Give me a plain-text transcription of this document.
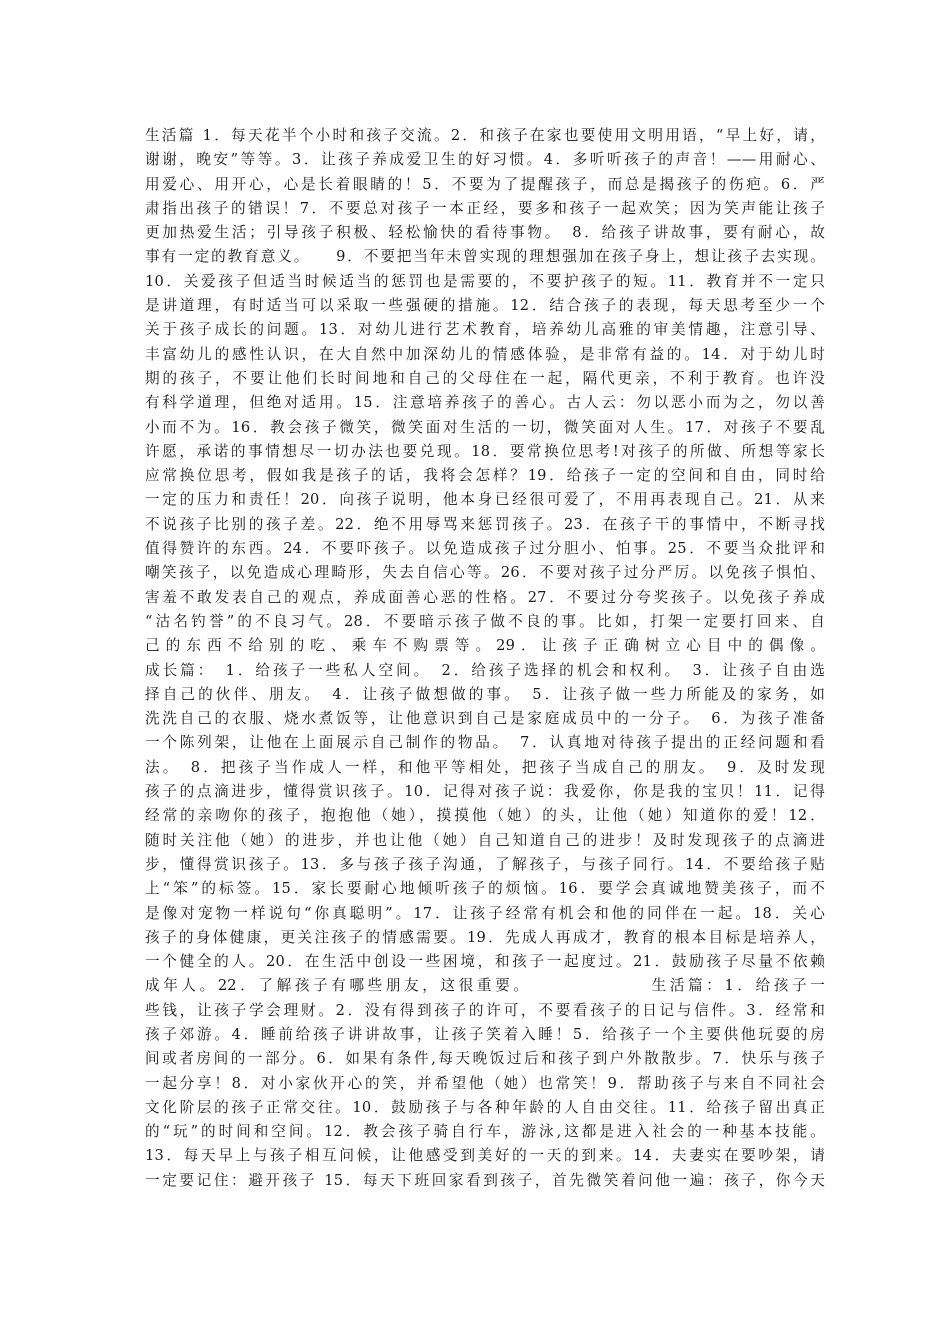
生活篇 1．每天花半个小时和孩子交流。2．和孩子在家也要使用文明用语，“早上好，请，
谢谢，晚安”等等。3．让孩子养成爱卫生的好习惯。4．多听听孩子的声音！——用耐心、
用爱心、用开心，心是长着眼睛的！5．不要为了提醒孩子，而总是揭孩子的伤疤。6．严
肃指出孩子的错误！7．不要总对孩子一本正经，要多和孩子一起欢笑；因为笑声能让孩子
更加热爱生活；引导孩子积极、轻松愉快的看待事物。　8．给孩子讲故事，要有耐心，故
事有一定的教育意义。　　9．不要把当年未曾实现的理想强加在孩子身上，想让孩子去实现。
10．关爱孩子但适当时候适当的惩罚也是需要的，不要护孩子的短。11．教育并不一定只
是讲道理，有时适当可以采取一些强硬的措施。12．结合孩子的表现，每天思考至少一个
关于孩子成长的问题。13．对幼儿进行艺术教育，培养幼儿高雅的审美情趣，注意引导、
丰富幼儿的感性认识，在大自然中加深幼儿的情感体验，是非常有益的。14．对于幼儿时
期的孩子，不要让他们长时间地和自己的父母住在一起，隔代更亲，不利于教育。也许没
有科学道理，但绝对适用。15．注意培养孩子的善心。古人云：勿以恶小而为之，勿以善
小而不为。16．教会孩子微笑，微笑面对生活的一切，微笑面对人生。17．对孩子不要乱
许愿，承诺的事情想尽一切办法也要兑现。18．要常换位思考!对孩子的所做、所想等家长
应常换位思考，假如我是孩子的话，我将会怎样？19．给孩子一定的空间和自由，同时给
一定的压力和责任！20．向孩子说明，他本身已经很可爱了，不用再表现自己。21．从来
不说孩子比别的孩子差。22．绝不用辱骂来惩罚孩子。23．在孩子干的事情中，不断寻找
值得赞许的东西。24．不要吓孩子。以免造成孩子过分胆小、怕事。25．不要当众批评和
嘲笑孩子，以免造成心理畸形，失去自信心等。26．不要对孩子过分严厉。以免孩子惧怕、
害羞不敢发表自己的观点，养成面善心恶的性格。27．不要过分夸奖孩子。以免孩子养成
“沽名钓誉”的不良习气。28．不要暗示孩子做不良的事。比如，打架一定要打回来、自
己的东西不给别的吃、乘车不购票等。29．让孩子正确树立心目中的偶像。
成长篇：　1．给孩子一些私人空间。　2．给孩子选择的机会和权利。　3．让孩子自由选
择自己的伙伴、朋友。　4．让孩子做想做的事。　5．让孩子做一些力所能及的家务，如
洗洗自己的衣服、烧水煮饭等，让他意识到自己是家庭成员中的一分子。　6．为孩子准备
一个陈列架，让他在上面展示自己制作的物品。　7．认真地对待孩子提出的正经问题和看
法。　8．把孩子当作成人一样，和他平等相处，把孩子当成自己的朋友。　9．及时发现
孩子的点滴进步，懂得赏识孩子。10．记得对孩子说：我爱你，你是我的宝贝！11．记得
经常的亲吻你的孩子，抱抱他（她），摸摸他（她）的头，让他（她）知道你的爱！12．
随时关注他（她）的进步，并也让他（她）自己知道自己的进步！及时发现孩子的点滴进
步，懂得赏识孩子。13．多与孩子孩子沟通，了解孩子，与孩子同行。14．不要给孩子贴
上“笨”的标签。15．家长要耐心地倾听孩子的烦恼。16．要学会真诚地赞美孩子，而不
是像对宠物一样说句“你真聪明”。17．让孩子经常有机会和他的同伴在一起。18．关心
孩子的身体健康，更关注孩子的情感需要。19．先成人再成才，教育的根本目标是培养人，
一个健全的人。20．在生活中创设一些困境，和孩子一起度过。21．鼓励孩子尽量不依赖
成年人。22．了解孩子有哪些朋友，这很重要。　　　　　　　生活篇：1．给孩子一
些钱，让孩子学会理财。2．没有得到孩子的许可，不要看孩子的日记与信件。3．经常和
孩子郊游。4．睡前给孩子讲讲故事，让孩子笑着入睡！5．给孩子一个主要供他玩耍的房
间或者房间的一部分。6．如果有条件,每天晚饭过后和孩子到户外散散步。7．快乐与孩子
一起分享！8．对小家伙开心的笑，并希望他（她）也常笑！9．帮助孩子与来自不同社会
文化阶层的孩子正常交往。10．鼓励孩子与各种年龄的人自由交往。11．给孩子留出真正
的“玩”的时间和空间。12．教会孩子骑自行车，游泳,这都是进入社会的一种基本技能。
13．每天早上与孩子相互问候，让他感受到美好的一天的到来。14．夫妻实在要吵架，请
一定要记住：避开孩子 15．每天下班回家看到孩子，首先微笑着问他一遍：孩子，你今天
